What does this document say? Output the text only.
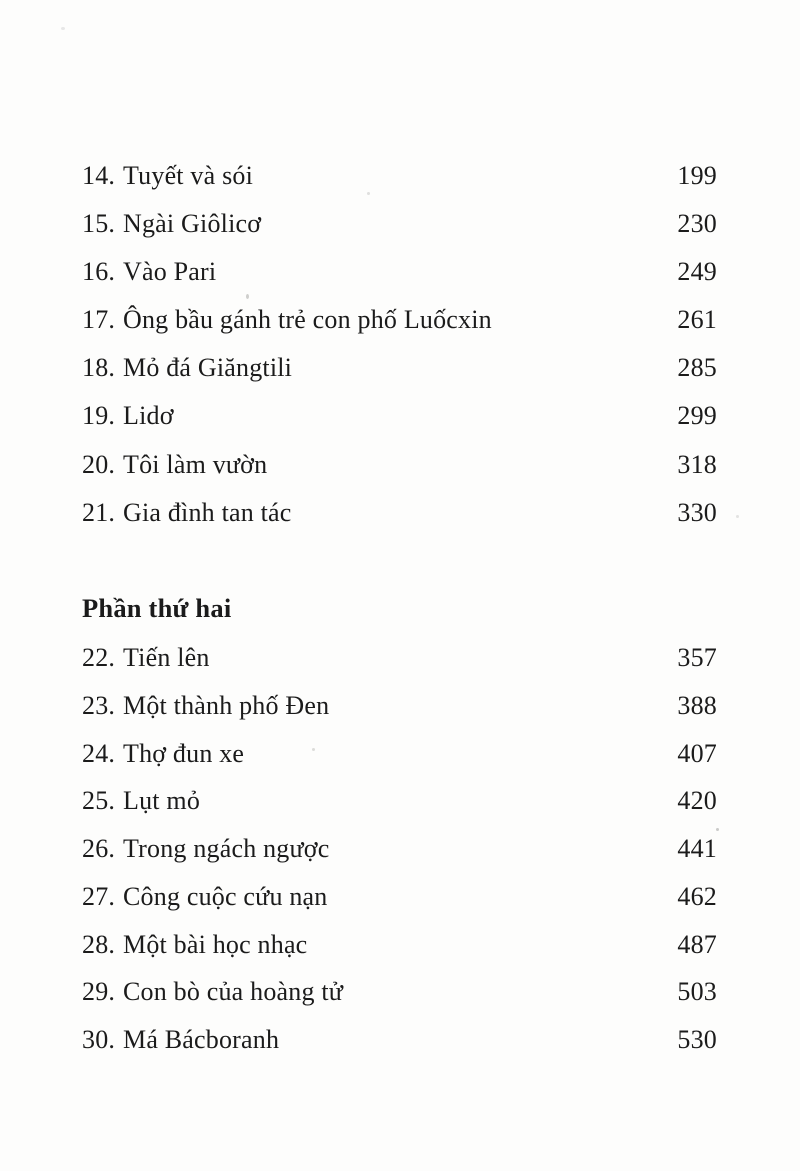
14. Tuyết và sói	199
15. Ngài Giôlicơ	230
16. Vào Pari	249
17. Ông bầu gánh trẻ con phố Luốcxin	261
18. Mỏ đá Giăngtili	285
19. Lidơ	299
20. Tôi làm vườn	318
21. Gia đình tan tác	330
Phần thứ hai
22. Tiến lên	357
23. Một thành phố Đen	388
24. Thợ đun xe	407
25. Lụt mỏ	420
26. Trong ngách ngược	441
27. Công cuộc cứu nạn	462
28. Một bài học nhạc	487
29. Con bò của hoàng tử	503
30. Má Bácboranh	530
